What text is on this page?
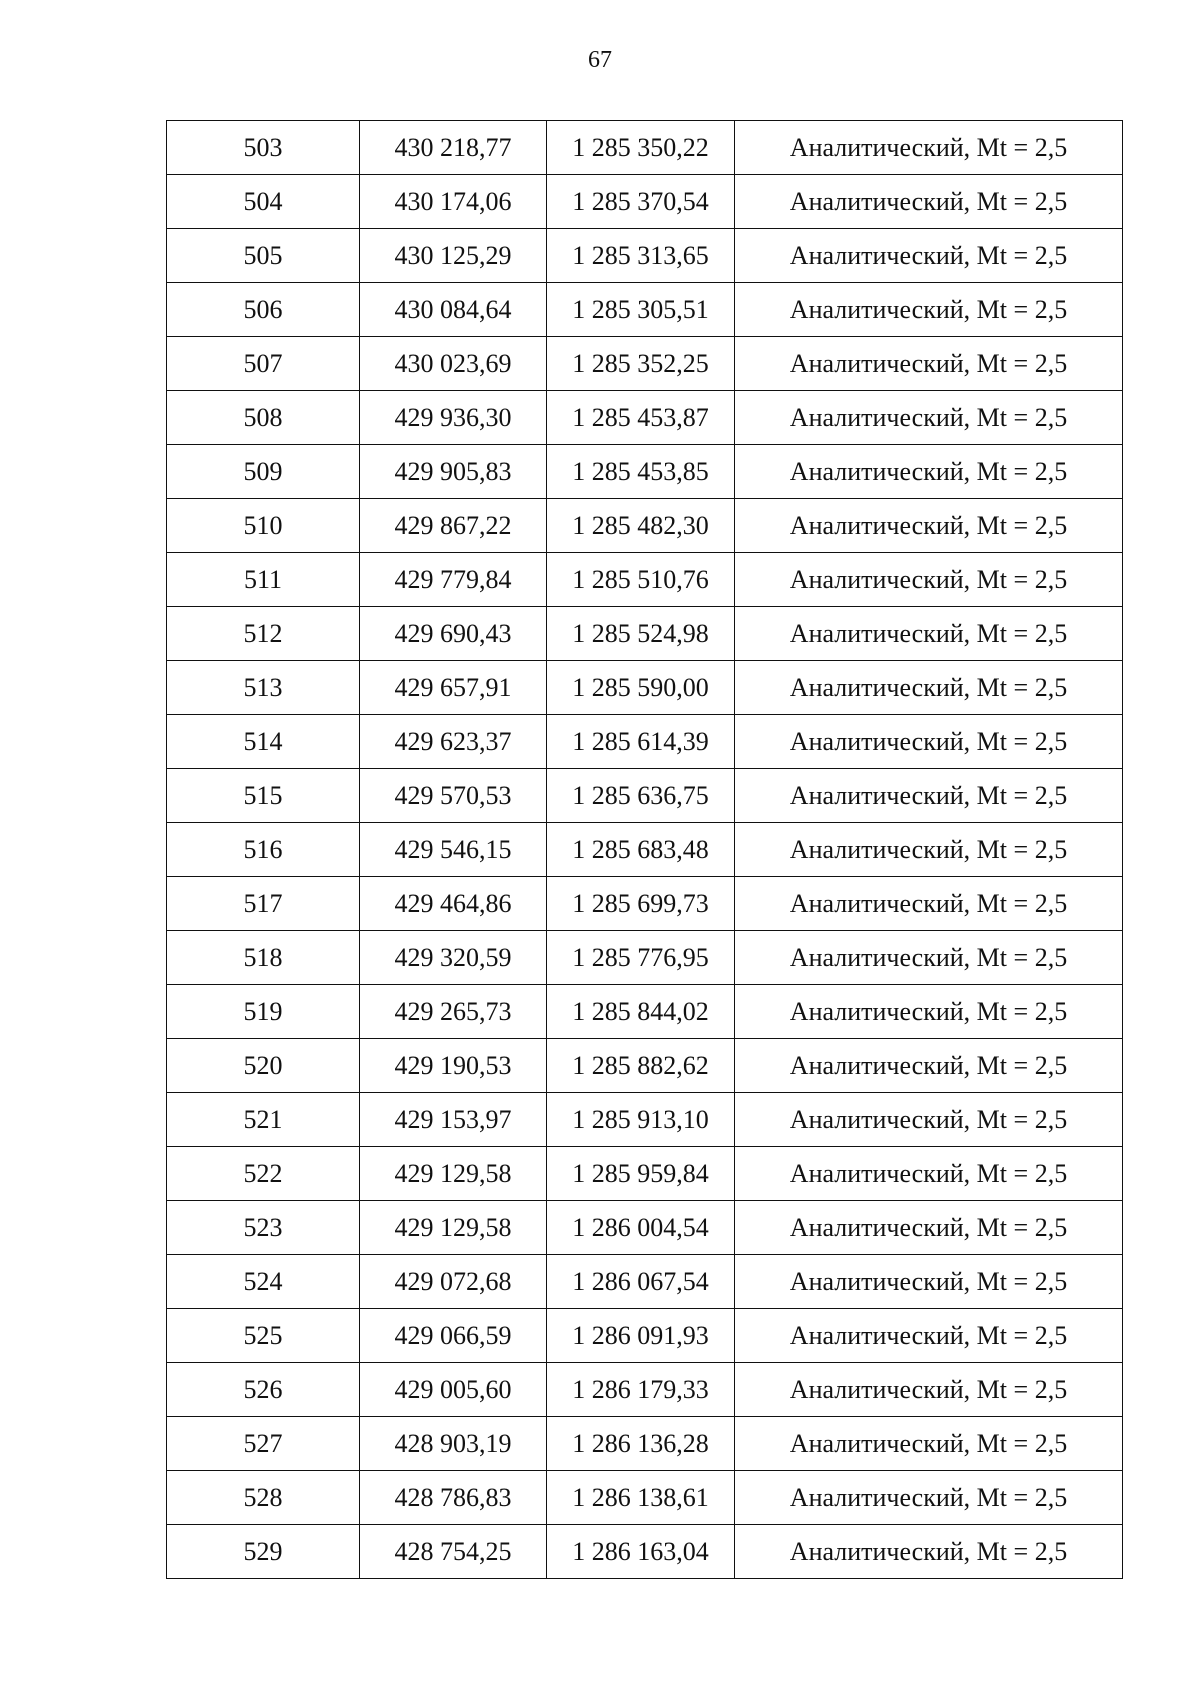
67
503	430 218,77	1 285 350,22	Аналитический, Mt = 2,5
504	430 174,06	1 285 370,54	Аналитический, Mt = 2,5
505	430 125,29	1 285 313,65	Аналитический, Mt = 2,5
506	430 084,64	1 285 305,51	Аналитический, Mt = 2,5
507	430 023,69	1 285 352,25	Аналитический, Mt = 2,5
508	429 936,30	1 285 453,87	Аналитический, Mt = 2,5
509	429 905,83	1 285 453,85	Аналитический, Mt = 2,5
510	429 867,22	1 285 482,30	Аналитический, Mt = 2,5
511	429 779,84	1 285 510,76	Аналитический, Mt = 2,5
512	429 690,43	1 285 524,98	Аналитический, Mt = 2,5
513	429 657,91	1 285 590,00	Аналитический, Mt = 2,5
514	429 623,37	1 285 614,39	Аналитический, Mt = 2,5
515	429 570,53	1 285 636,75	Аналитический, Mt = 2,5
516	429 546,15	1 285 683,48	Аналитический, Mt = 2,5
517	429 464,86	1 285 699,73	Аналитический, Mt = 2,5
518	429 320,59	1 285 776,95	Аналитический, Mt = 2,5
519	429 265,73	1 285 844,02	Аналитический, Mt = 2,5
520	429 190,53	1 285 882,62	Аналитический, Mt = 2,5
521	429 153,97	1 285 913,10	Аналитический, Mt = 2,5
522	429 129,58	1 285 959,84	Аналитический, Mt = 2,5
523	429 129,58	1 286 004,54	Аналитический, Mt = 2,5
524	429 072,68	1 286 067,54	Аналитический, Mt = 2,5
525	429 066,59	1 286 091,93	Аналитический, Mt = 2,5
526	429 005,60	1 286 179,33	Аналитический, Mt = 2,5
527	428 903,19	1 286 136,28	Аналитический, Mt = 2,5
528	428 786,83	1 286 138,61	Аналитический, Mt = 2,5
529	428 754,25	1 286 163,04	Аналитический, Mt = 2,5
